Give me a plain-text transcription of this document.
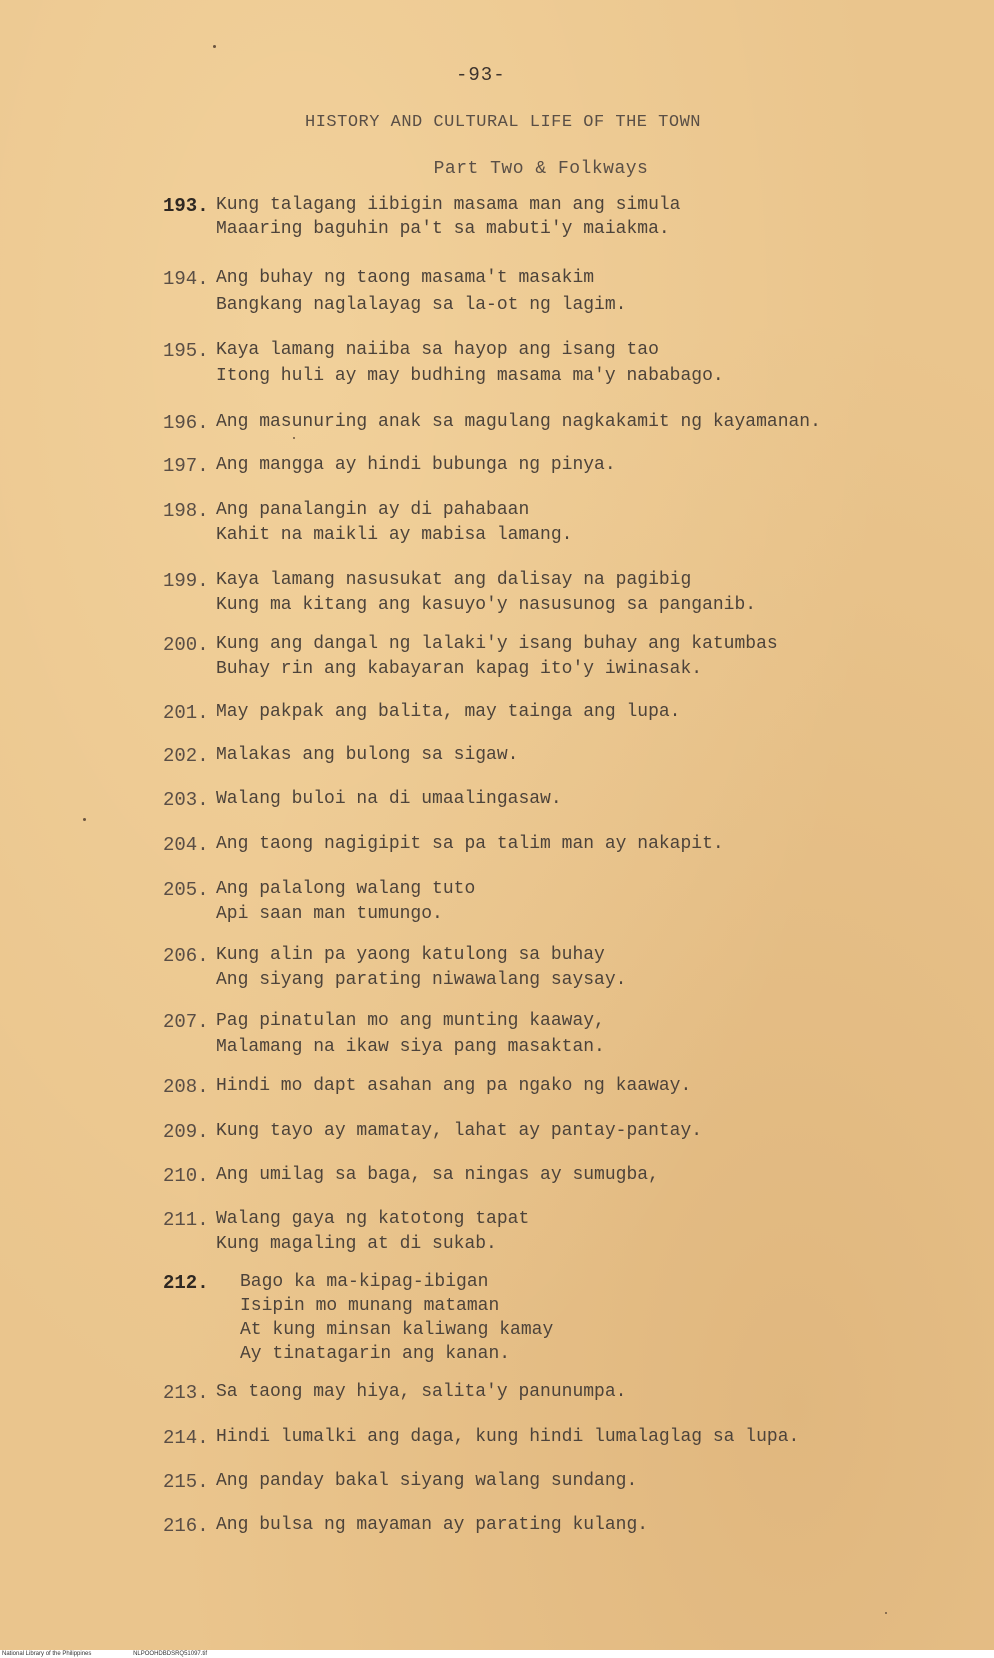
-93-
HISTORY AND CULTURAL LIFE OF THE TOWN
Part Two & Folkways
193. Kung talagang iibigin masama man ang simula
Maaaring baguhin pa't sa mabuti'y maiakma.
194. Ang buhay ng taong masama't masakim
Bangkang naglalayag sa la-ot ng lagim.
195. Kaya lamang naiiba sa hayop ang isang tao
Itong huli ay may budhing masama ma'y nababago.
196. Ang masunuring anak sa magulang nagkakamit ng kayamanan.
197. Ang mangga ay hindi bubunga ng pinya.
198. Ang panalangin ay di pahabaan
Kahit na maikli ay mabisa lamang.
199. Kaya lamang nasusukat ang dalisay na pagibig
Kung ma kitang ang kasuyo'y nasusunog sa panganib.
200. Kung ang dangal ng lalaki'y isang buhay ang katumbas
Buhay rin ang kabayaran kapag ito'y iwinasak.
201. May pakpak ang balita, may tainga ang lupa.
202. Malakas ang bulong sa sigaw.
203. Walang buloi na di umaalingasaw.
204. Ang taong nagigipit sa pa talim man ay nakapit.
205. Ang palalong walang tuto
Api saan man tumungo.
206. Kung alin pa yaong katulong sa buhay
Ang siyang parating niwawalang saysay.
207. Pag pinatulan mo ang munting kaaway,
Malamang na ikaw siya pang masaktan.
208. Hindi mo dapt asahan ang pa ngako ng kaaway.
209. Kung tayo ay mamatay, lahat ay pantay-pantay.
210. Ang umilag sa baga, sa ningas ay sumugba,
211. Walang gaya ng katotong tapat
Kung magaling at di sukab.
212.	Bago ka ma-kipag-ibigan
Isipin mo munang mataman
At kung minsan kaliwang kamay
Ay tinatagarin ang kanan.
213. Sa taong may hiya, salita'y panunumpa.
214. Hindi lumalki ang daga, kung hindi lumalaglag sa lupa.
215. Ang panday bakal siyang walang sundang.
216. Ang bulsa ng mayaman ay parating kulang.
National Library of the Philippines	NLPOOHDBDSRQ51097.tif
